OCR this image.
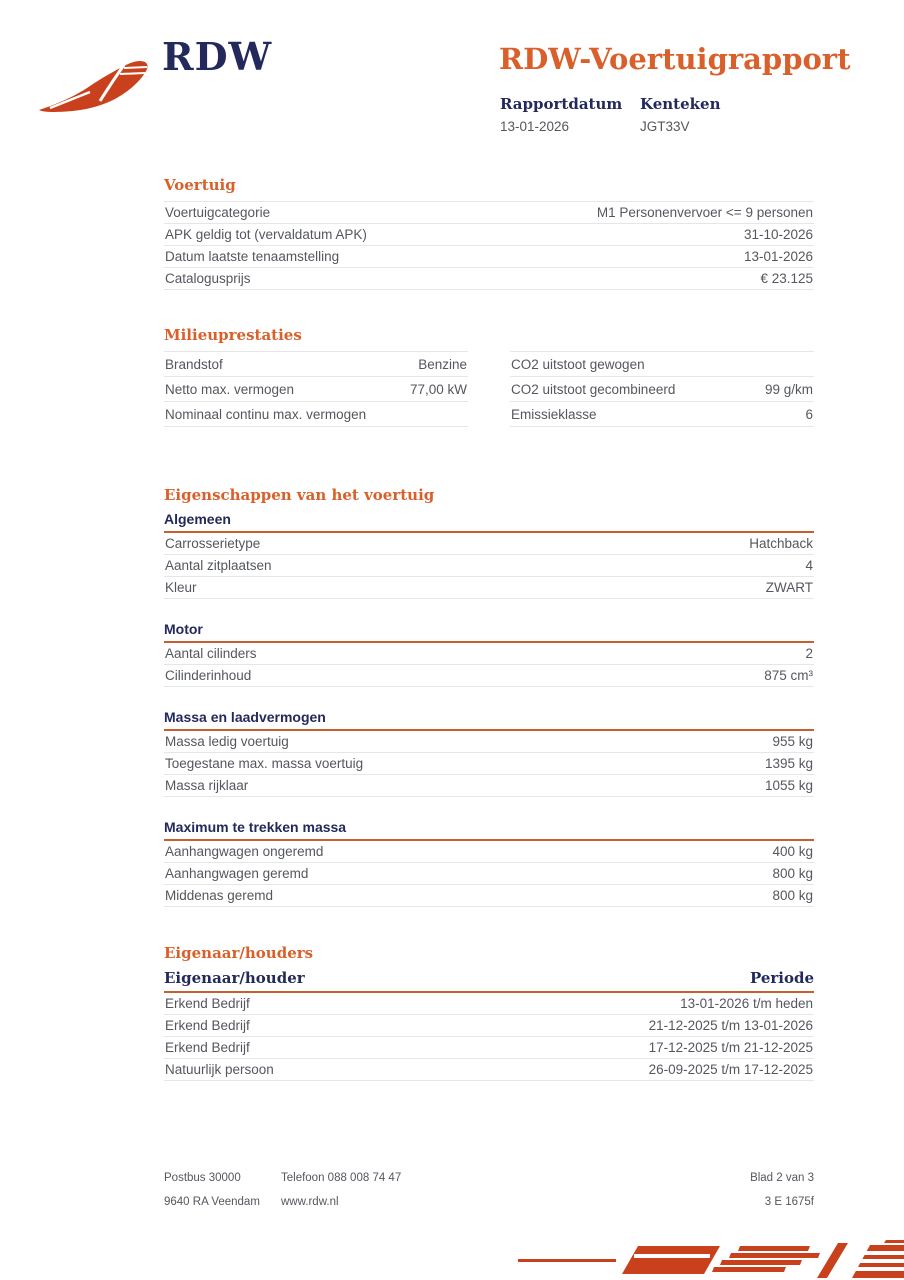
RDW	RDW-Voertuigrapport
Rapportdatum
13-01-2026
Kenteken
JGT33V
Voertuig
Voertuigcategorie	M1 Personenvervoer <= 9 personen
APK geldig tot (vervaldatum APK)	31-10-2026
Datum laatste tenaamstelling	13-01-2026
Catalogusprijs	€ 23.125
Milieuprestaties
Brandstof	Benzine
Netto max. vermogen	77,00 kW
Nominaal continu max. vermogen
CO2 uitstoot gewogen
CO2 uitstoot gecombineerd	99 g/km
Emissieklasse	6
Eigenschappen van het voertuig
Algemeen
Carrosserietype	Hatchback
Aantal zitplaatsen	4
Kleur	ZWART
Motor
Aantal cilinders	2
Cilinderinhoud	875 cm³
Massa en laadvermogen
Massa ledig voertuig	955 kg
Toegestane max. massa voertuig	1395 kg
Massa rijklaar	1055 kg
Maximum te trekken massa
Aanhangwagen ongeremd	400 kg
Aanhangwagen geremd	800 kg
Middenas geremd	800 kg
Eigenaar/houders
Eigenaar/houder	Periode
Erkend Bedrijf	13-01-2026 t/m heden
Erkend Bedrijf	21-12-2025 t/m 13-01-2026
Erkend Bedrijf	17-12-2025 t/m 21-12-2025
Natuurlijk persoon	26-09-2025 t/m 17-12-2025
Postbus 30000
9640 RA Veendam
Telefoon 088 008 74 47
www.rdw.nl
Blad 2 van 3
3 E 1675f
